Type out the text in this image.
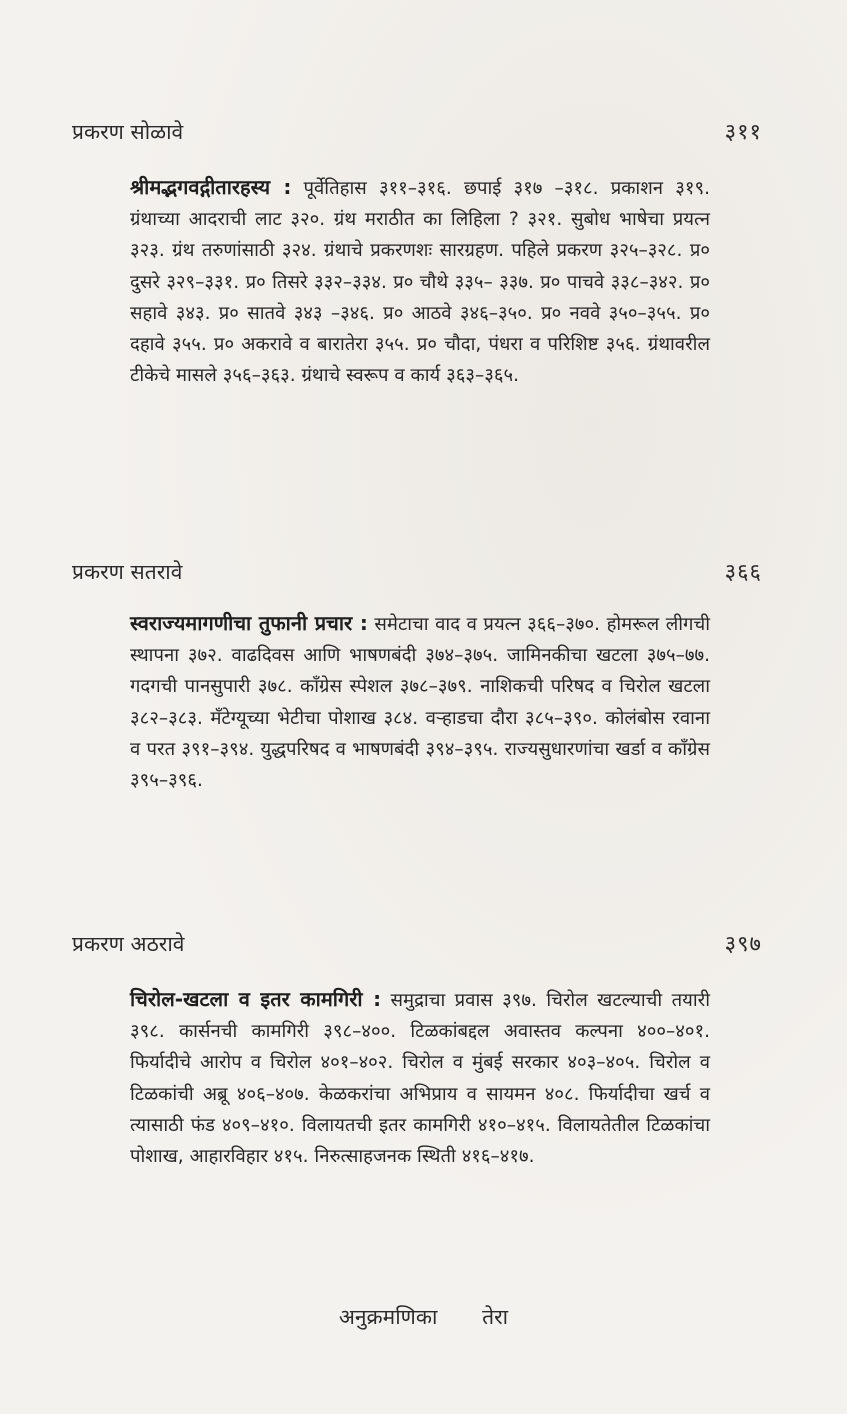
प्रकरण सोळावे	३११
श्रीमद्भगवद्गीतारहस्य : पूर्वेतिहास ३११–३१६. छपाई ३१७ –३१८. प्रकाशन ३१९. ग्रंथाच्या आदराची लाट ३२०. ग्रंथ मराठीत का लिहिला ? ३२१. सुबोध भाषेचा प्रयत्न ३२३. ग्रंथ तरुणांसाठी ३२४. ग्रंथाचे प्रकरणशः सारग्रहण. पहिले प्रकरण ३२५–३२८. प्र० दुसरे ३२९–३३१. प्र० तिसरे ३३२–३३४. प्र० चौथे ३३५– ३३७. प्र० पाचवे ३३८–३४२. प्र० सहावे ३४३. प्र० सातवे ३४३ –३४६. प्र० आठवे ३४६–३५०. प्र० नववे ३५०–३५५. प्र० दहावे ३५५. प्र० अकरावे व बारातेरा ३५५. प्र० चौदा, पंधरा व परिशिष्ट ३५६. ग्रंथावरील टीकेचे मासले ३५६–३६३. ग्रंथाचे स्वरूप व कार्य ३६३–३६५.
प्रकरण सतरावे	३६६
स्वराज्यमागणीचा तुफानी प्रचार : समेटाचा वाद व प्रयत्न ३६६–३७०. होमरूल लीगची स्थापना ३७२. वाढदिवस आणि भाषणबंदी ३७४–३७५. जामिनकीचा खटला ३७५–७७. गदगची पानसुपारी ३७८. काँग्रेस स्पेशल ३७८–३७९. नाशिकची परिषद व चिरोल खटला ३८२–३८३. मँटेग्यूच्या भेटीचा पोशाख ३८४. वऱ्हाडचा दौरा ३८५–३९०. कोलंबोस रवाना व परत ३९१–३९४. युद्धपरिषद व भाषणबंदी ३९४–३९५. राज्यसुधारणांचा खर्डा व काँग्रेस ३९५–३९६.
प्रकरण अठरावे	३९७
चिरोल-खटला व इतर कामगिरी : समुद्राचा प्रवास ३९७. चिरोल खटल्याची तयारी ३९८. कार्सनची कामगिरी ३९८–४००. टिळकांबद्दल अवास्तव कल्पना ४००–४०१. फिर्यादीचे आरोप व चिरोल ४०१–४०२. चिरोल व मुंबई सरकार ४०३–४०५. चिरोल व टिळकांची अब्रू ४०६–४०७. केळकरांचा अभिप्राय व सायमन ४०८. फिर्यादीचा खर्च व त्यासाठी फंड ४०९–४१०. विलायतची इतर कामगिरी ४१०–४१५. विलायतेतील टिळकांचा पोशाख, आहारविहार ४१५. निरुत्साहजनक स्थिती ४१६–४१७.
अनुक्रमणिका तेरा
